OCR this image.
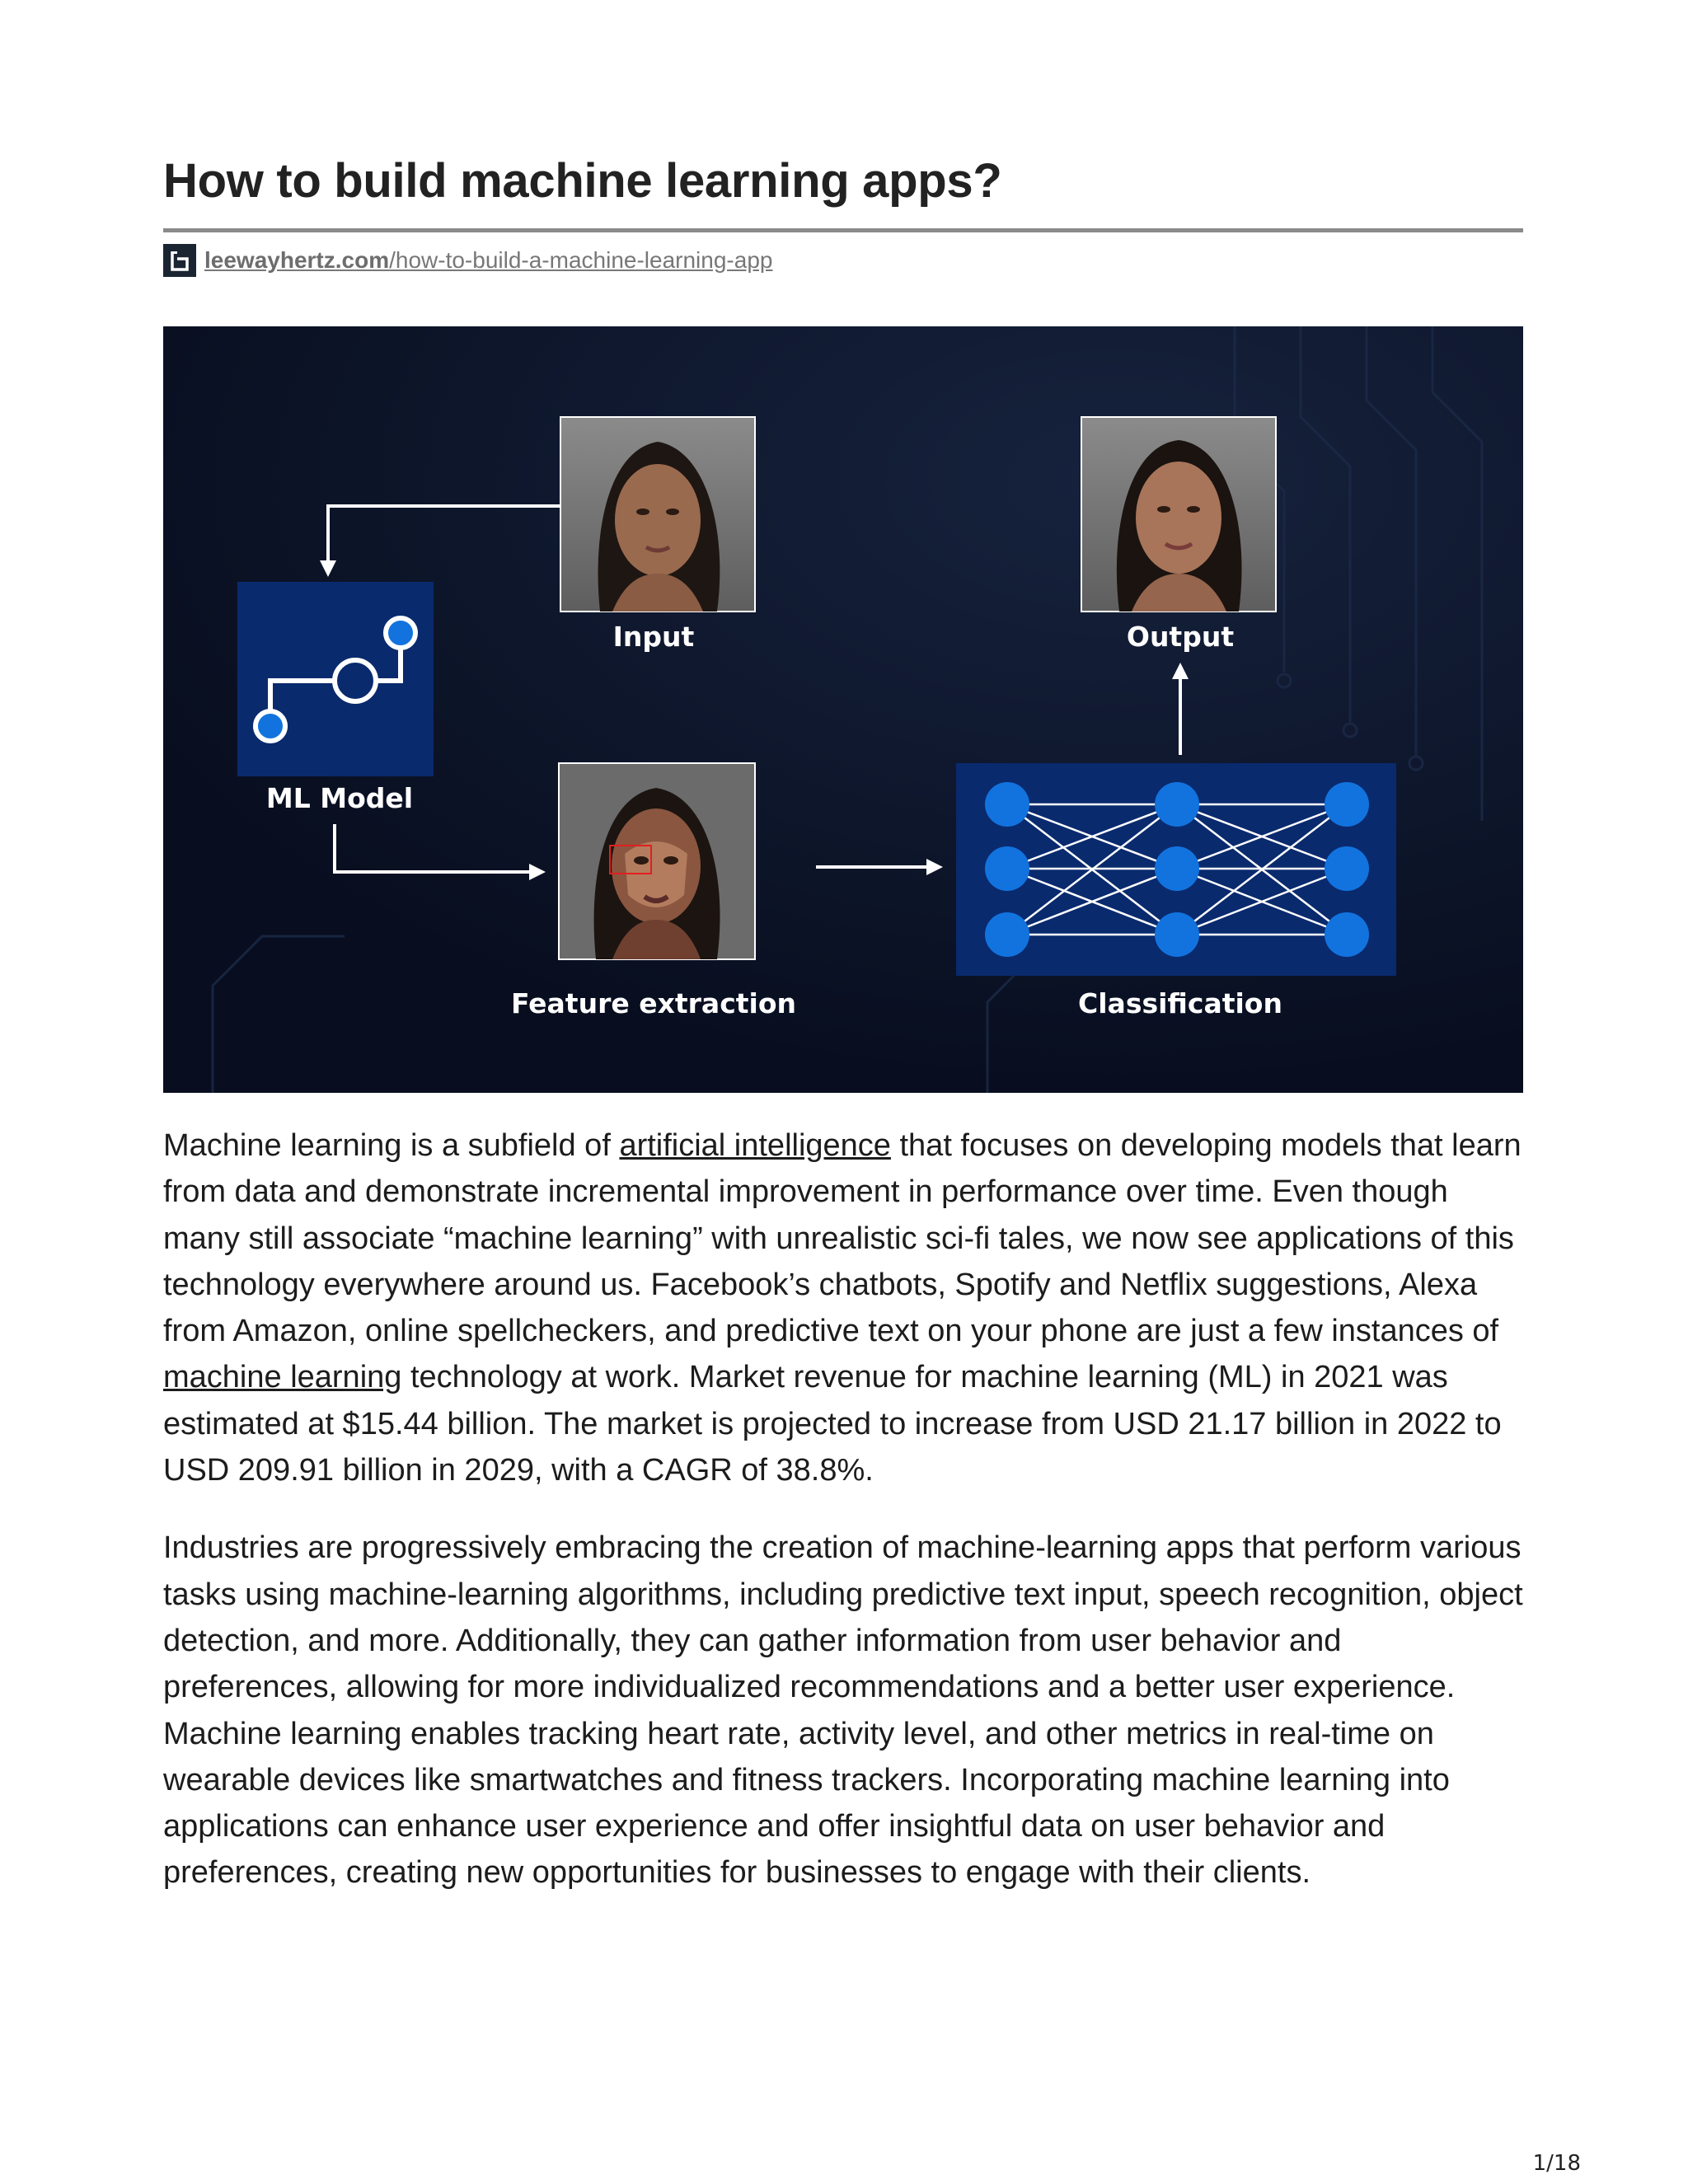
How to build machine learning apps?
leewayhertz.com/how-to-build-a-machine-learning-app
Input	Output
ML Model
Feature extraction	Classification

Machine learning is a subfield of artificial intelligence that focuses on developing models that learn from data and demonstrate incremental improvement in performance over time. Even though many still associate “machine learning” with unrealistic sci-fi tales, we now see applications of this technology everywhere around us. Facebook’s chatbots, Spotify and Netflix suggestions, Alexa from Amazon, online spellcheckers, and predictive text on your phone are just a few instances of machine learning technology at work. Market revenue for machine learning (ML) in 2021 was estimated at $15.44 billion. The market is projected to increase from USD 21.17 billion in 2022 to USD 209.91 billion in 2029, with a CAGR of 38.8%.

Industries are progressively embracing the creation of machine-learning apps that perform various tasks using machine-learning algorithms, including predictive text input, speech recognition, object detection, and more. Additionally, they can gather information from user behavior and preferences, allowing for more individualized recommendations and a better user experience. Machine learning enables tracking heart rate, activity level, and other metrics in real-time on wearable devices like smartwatches and fitness trackers. Incorporating machine learning into applications can enhance user experience and offer insightful data on user behavior and preferences, creating new opportunities for businesses to engage with their clients.

1/18
